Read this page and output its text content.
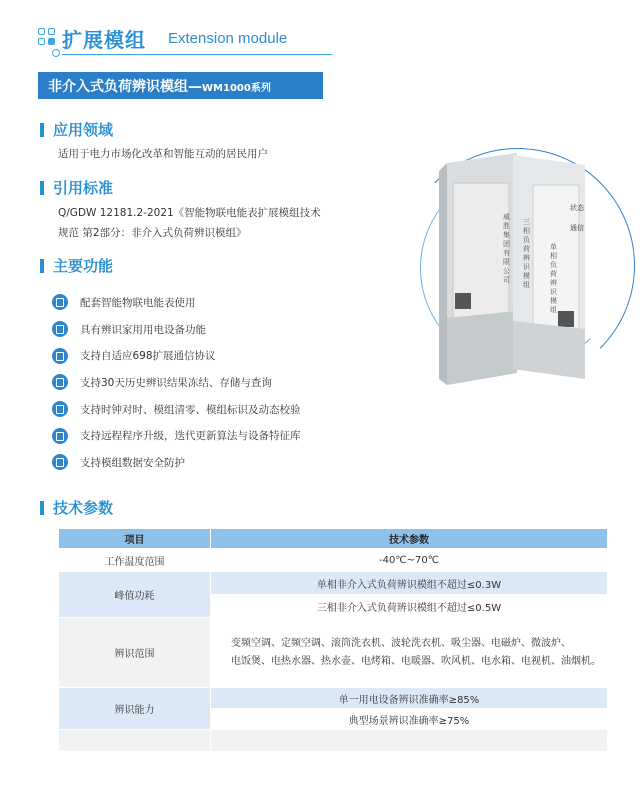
扩展模组 Extension module
非介入式负荷辨识模组—WM1000系列
应用领域
适用于电力市场化改革和智能互动的居民用户
引用标准
Q/GDW 12181.2-2021《智能物联电能表扩展模组技术
规范 第2部分：非介入式负荷辨识模组》
主要功能
配套智能物联电能表使用
具有辨识家用用电设备功能
支持自适应698扩展通信协议
支持30天历史辨识结果冻结、存储与查询
支持时钟对时、模组清零、模组标识及动态校验
支持远程程序升级，迭代更新算法与设备特征库
支持模组数据安全防护
状态
通信
威胜集团有限公司
三相负荷辨识模组
单相负荷辨识模组
技术参数
项目	技术参数
工作温度范围	-40℃~70℃
峰值功耗	单相非介入式负荷辨识模组不超过≤0.3W
	三相非介入式负荷辨识模组不超过≤0.5W
辨识范围	变频空调、定频空调、滚筒洗衣机、波轮洗衣机、吸尘器、电磁炉、微波炉、
电饭煲、电热水器、热水壶、电烤箱、电暖器、吹风机、电水箱、电视机、油烟机。

辨识能力	单一用电设备辨识准确率≥85%
	典型场景辨识准确率≥75%
